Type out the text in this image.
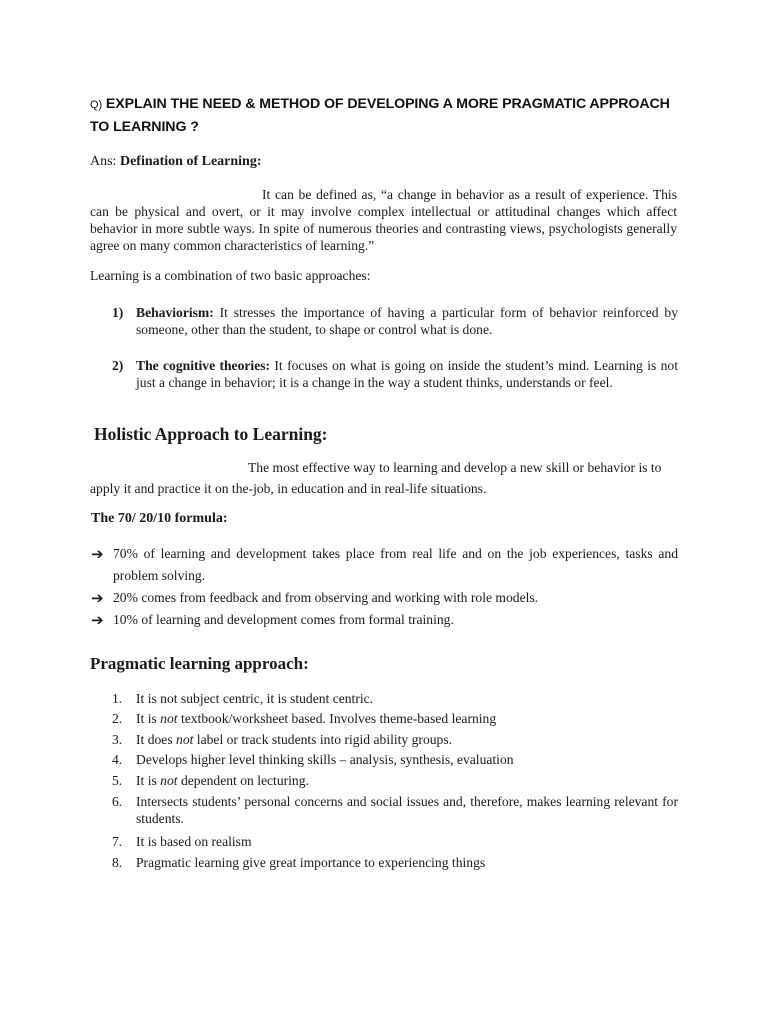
Q) EXPLAIN THE NEED & METHOD OF DEVELOPING A MORE PRAGMATIC APPROACH TO LEARNING ?
Ans: Defination of Learning:
It can be defined as, “a change in behavior as a result of experience. This can be physical and overt, or it may involve complex intellectual or attitudinal changes which affect behavior in more subtle ways. In spite of numerous theories and contrasting views, psychologists generally agree on many common characteristics of learning.”
Learning is a combination of two basic approaches:
1) Behaviorism: It stresses the importance of having a particular form of behavior reinforced by someone, other than the student, to shape or control what is done.
2) The cognitive theories: It focuses on what is going on inside the student’s mind. Learning is not just a change in behavior; it is a change in the way a student thinks, understands or feel.
Holistic Approach to Learning:
The most effective way to learning and develop a new skill or behavior is to apply it and practice it on the-job, in education and in real-life situations.
The 70/ 20/10 formula:
➔ 70% of learning and development takes place from real life and on the job experiences, tasks and problem solving.
➔ 20% comes from feedback and from observing and working with role models.
➔ 10% of learning and development comes from formal training.
Pragmatic learning approach:
1. It is not subject centric, it is student centric.
2. It is not textbook/worksheet based. Involves theme-based learning
3. It does not label or track students into rigid ability groups.
4. Develops higher level thinking skills – analysis, synthesis, evaluation
5. It is not dependent on lecturing.
6. Intersects students’ personal concerns and social issues and, therefore, makes learning relevant for students.
7. It is based on realism
8. Pragmatic learning give great importance to experiencing things
